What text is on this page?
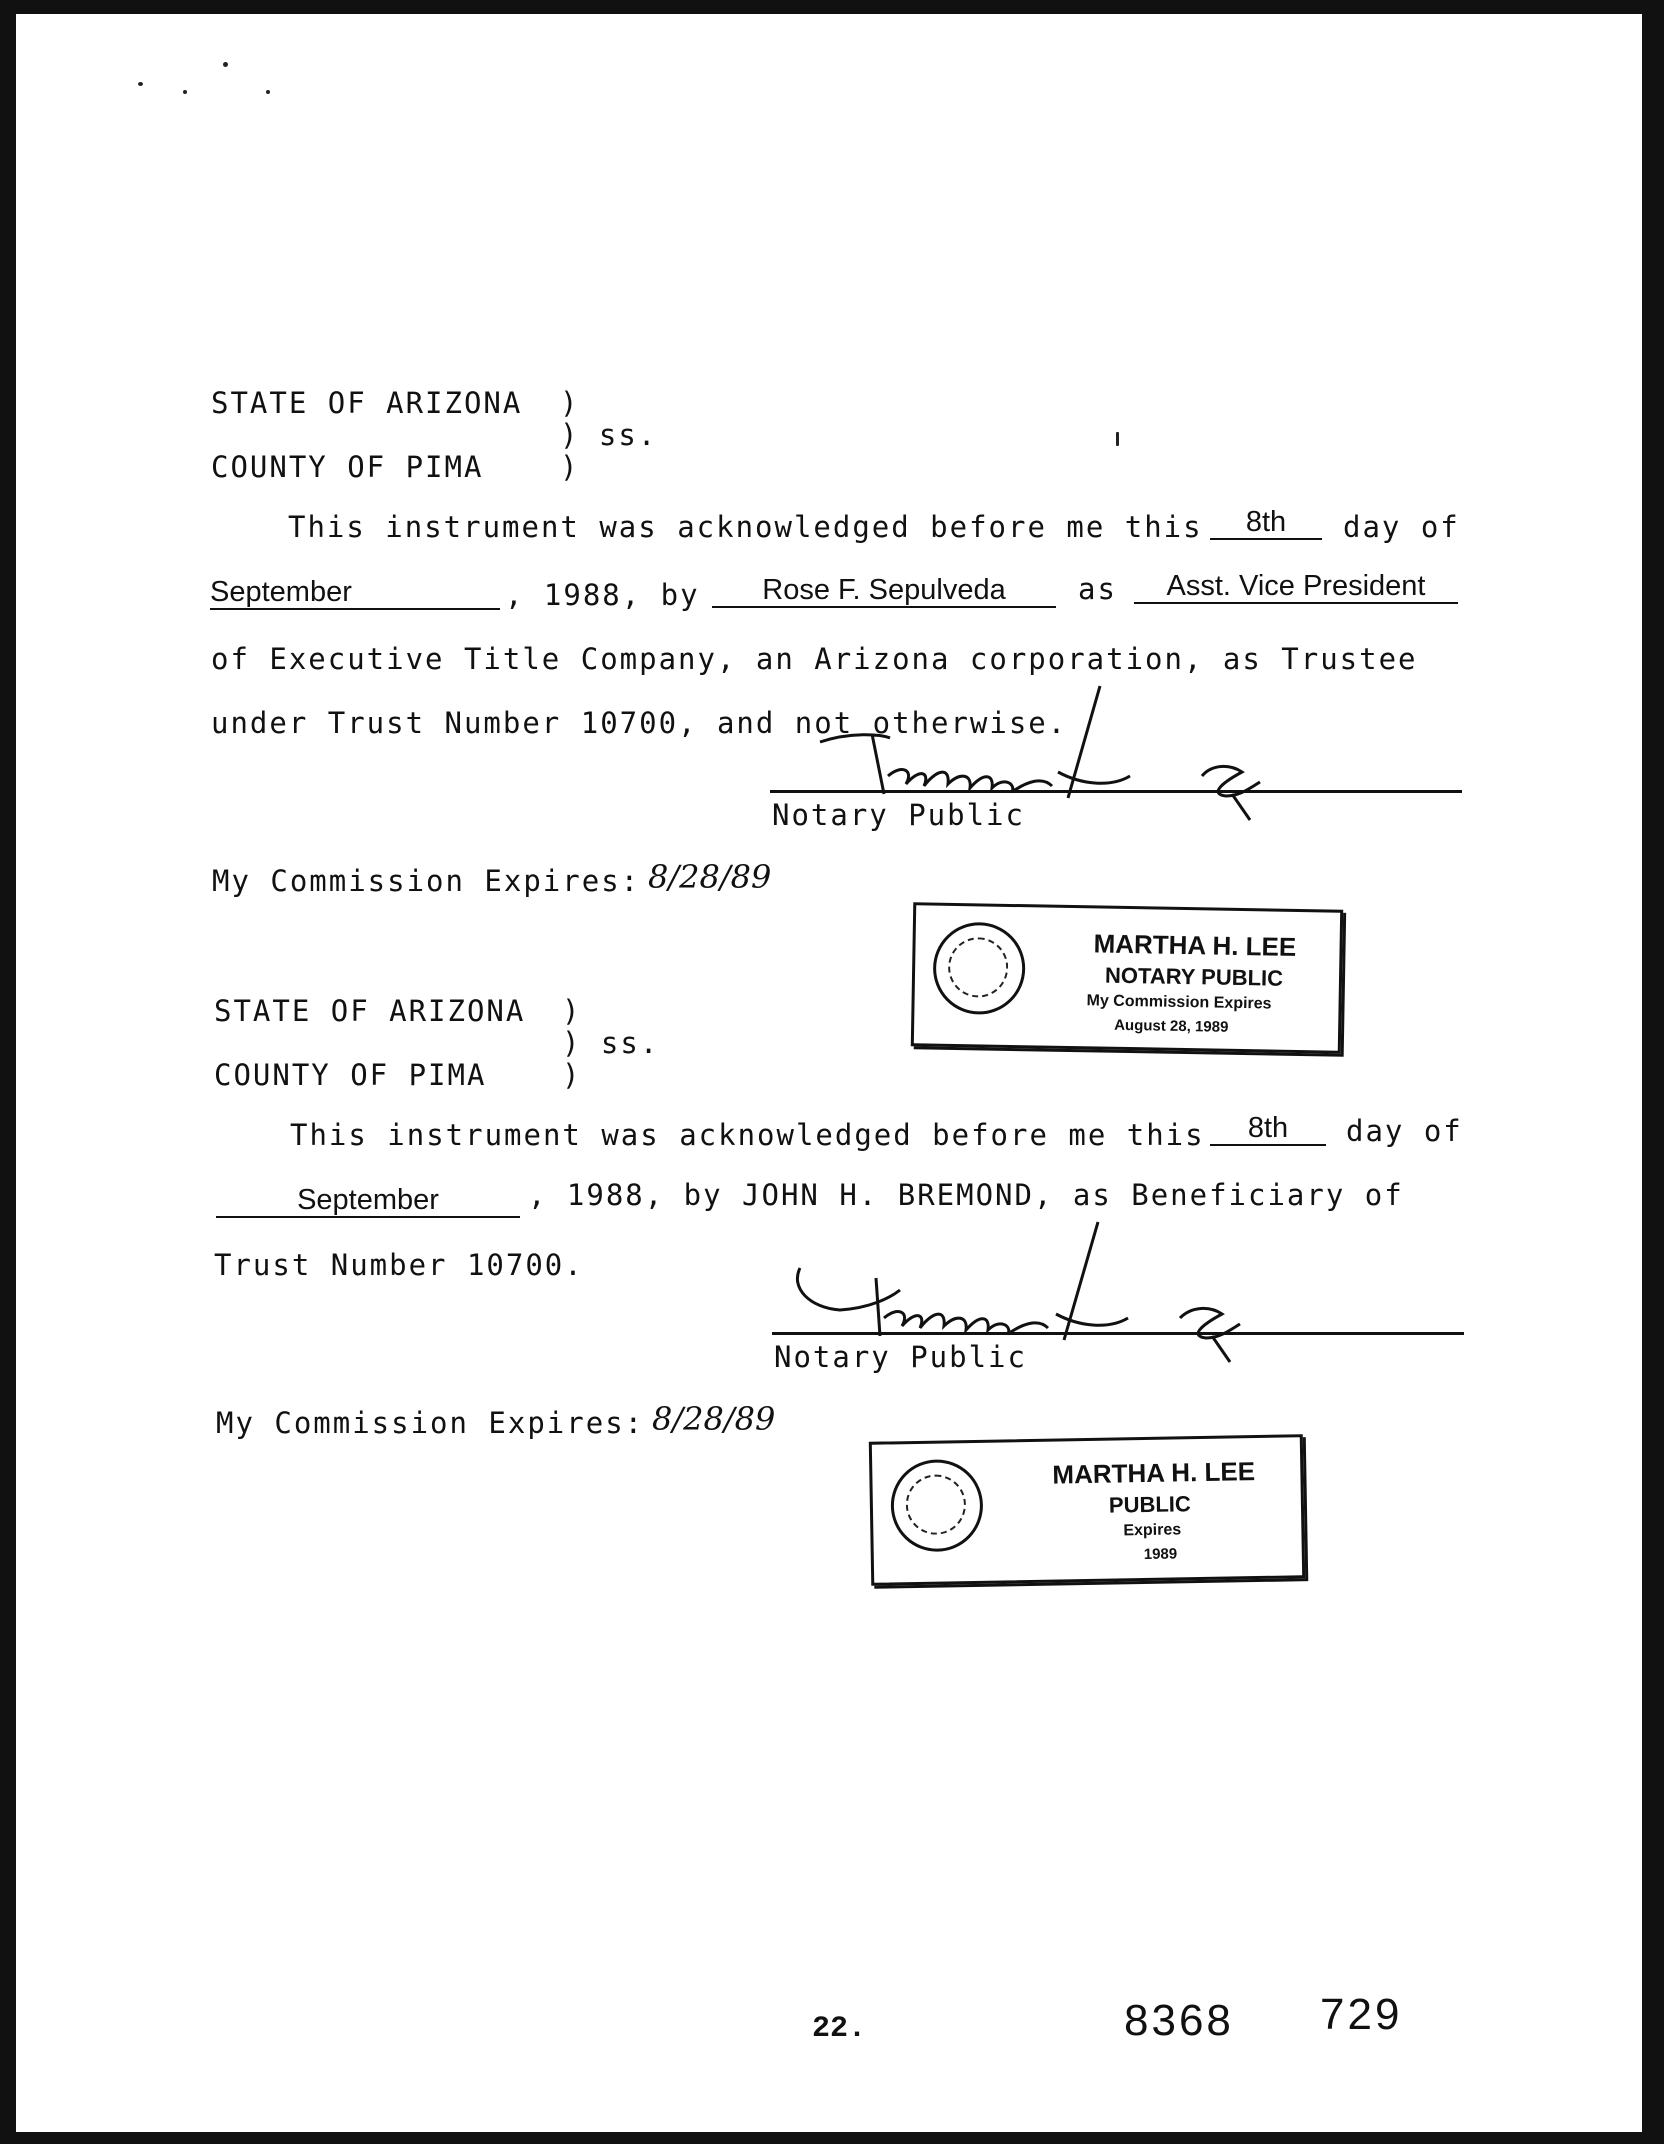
STATE OF ARIZONA )
) ss.
COUNTY OF PIMA	)
This instrument was acknowledged before me this	8th	day of
September	, 1988, by	Rose F. Sepulveda	as	Asst. Vice President
of Executive Title Company, an Arizona corporation, as Trustee
under Trust Number 10700, and not otherwise.
Notary Public
My Commission Expires: 8/28/89
MARTHA H. LEE
NOTARY PUBLIC
My Commission Expires
August 28, 1989
STATE OF ARIZONA )
) ss.
COUNTY OF PIMA	)
This instrument was acknowledged before me this	8th	day of
September	, 1988, by JOHN H. BREMOND, as Beneficiary of
Trust Number 10700.
Notary Public
My Commission Expires: 8/28/89
MARTHA H. LEE
PUBLIC
Expires
1989
22.	8368 729
